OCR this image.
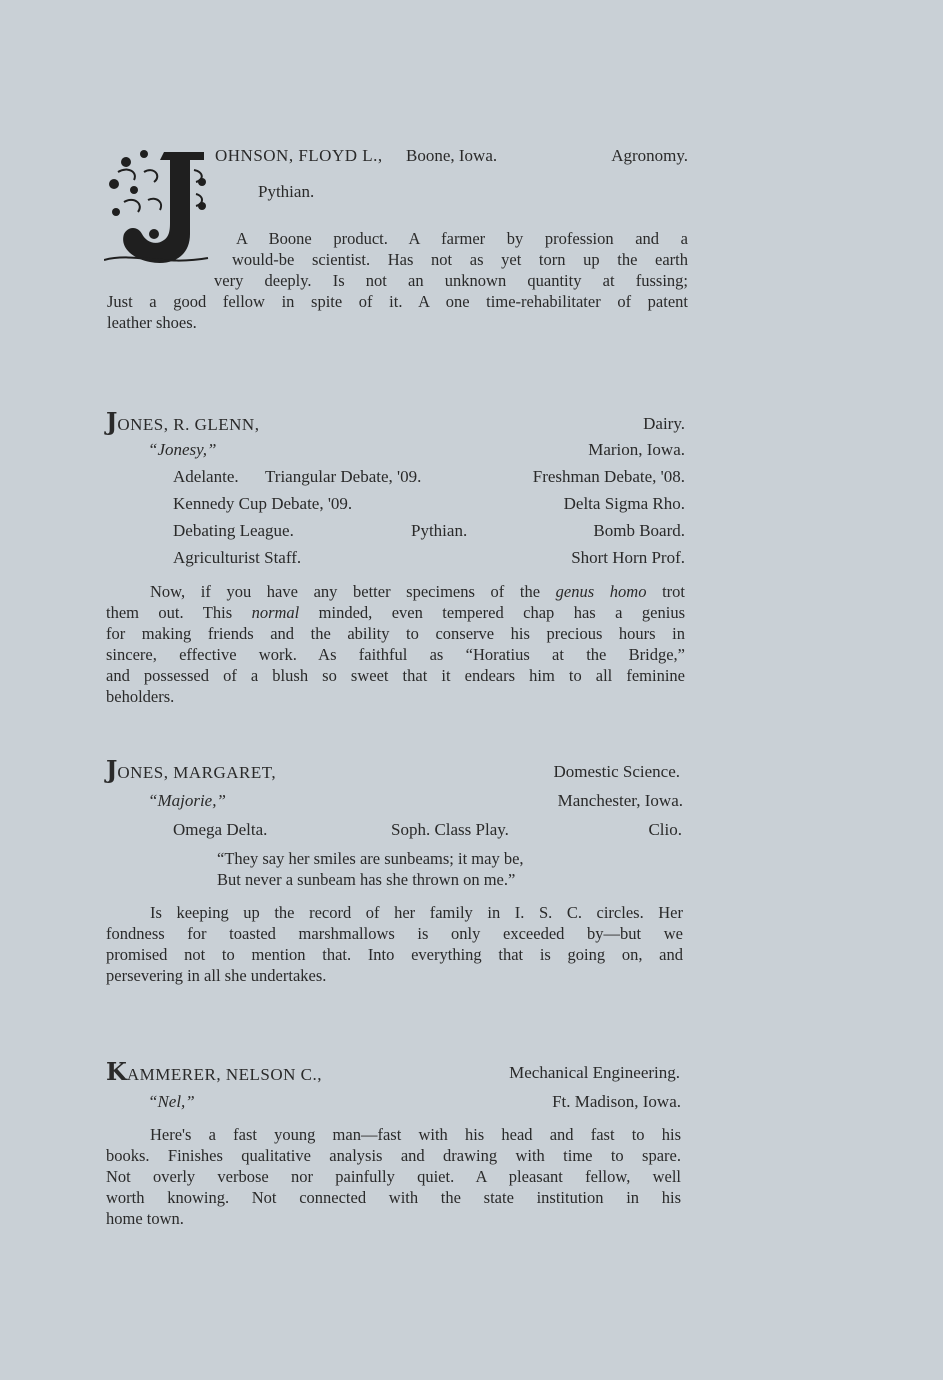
OHNSON, FLOYD L., Boone, Iowa.	Agronomy.
Pythian.
A Boone product. A farmer by profession and a
would-be scientist. Has not as yet torn up the earth
very deeply. Is not an unknown quantity at fussing;
Just a good fellow in spite of it. A one time-rehabilitater of patent
leather shoes.
JONES, R. GLENN,	Dairy.
“Jonesy,”	Marion, Iowa.
Adelante. Triangular Debate, '09.	Freshman Debate, '08.
Kennedy Cup Debate, '09.	Delta Sigma Rho.
Debating League.	Pythian.	Bomb Board.
Agriculturist Staff.	Short Horn Prof.
Now, if you have any better specimens of the genus homo trot
them out. This normal minded, even tempered chap has a genius
for making friends and the ability to conserve his precious hours in
sincere, effective work. As faithful as “Horatius at the Bridge,”
and possessed of a blush so sweet that it endears him to all feminine
beholders.
JONES, MARGARET,	Domestic Science.
“Majorie,”	Manchester, Iowa.
Omega Delta.	Soph. Class Play.	Clio.
“They say her smiles are sunbeams; it may be,
But never a sunbeam has she thrown on me.”
Is keeping up the record of her family in I. S. C. circles. Her
fondness for toasted marshmallows is only exceeded by—but we
promised not to mention that. Into everything that is going on, and
persevering in all she undertakes.
KAMMERER, NELSON C.,	Mechanical Engineering.
“Nel,”	Ft. Madison, Iowa.
Here's a fast young man—fast with his head and fast to his
books. Finishes qualitative analysis and drawing with time to spare.
Not overly verbose nor painfully quiet. A pleasant fellow, well
worth knowing. Not connected with the state institution in his
home town.
